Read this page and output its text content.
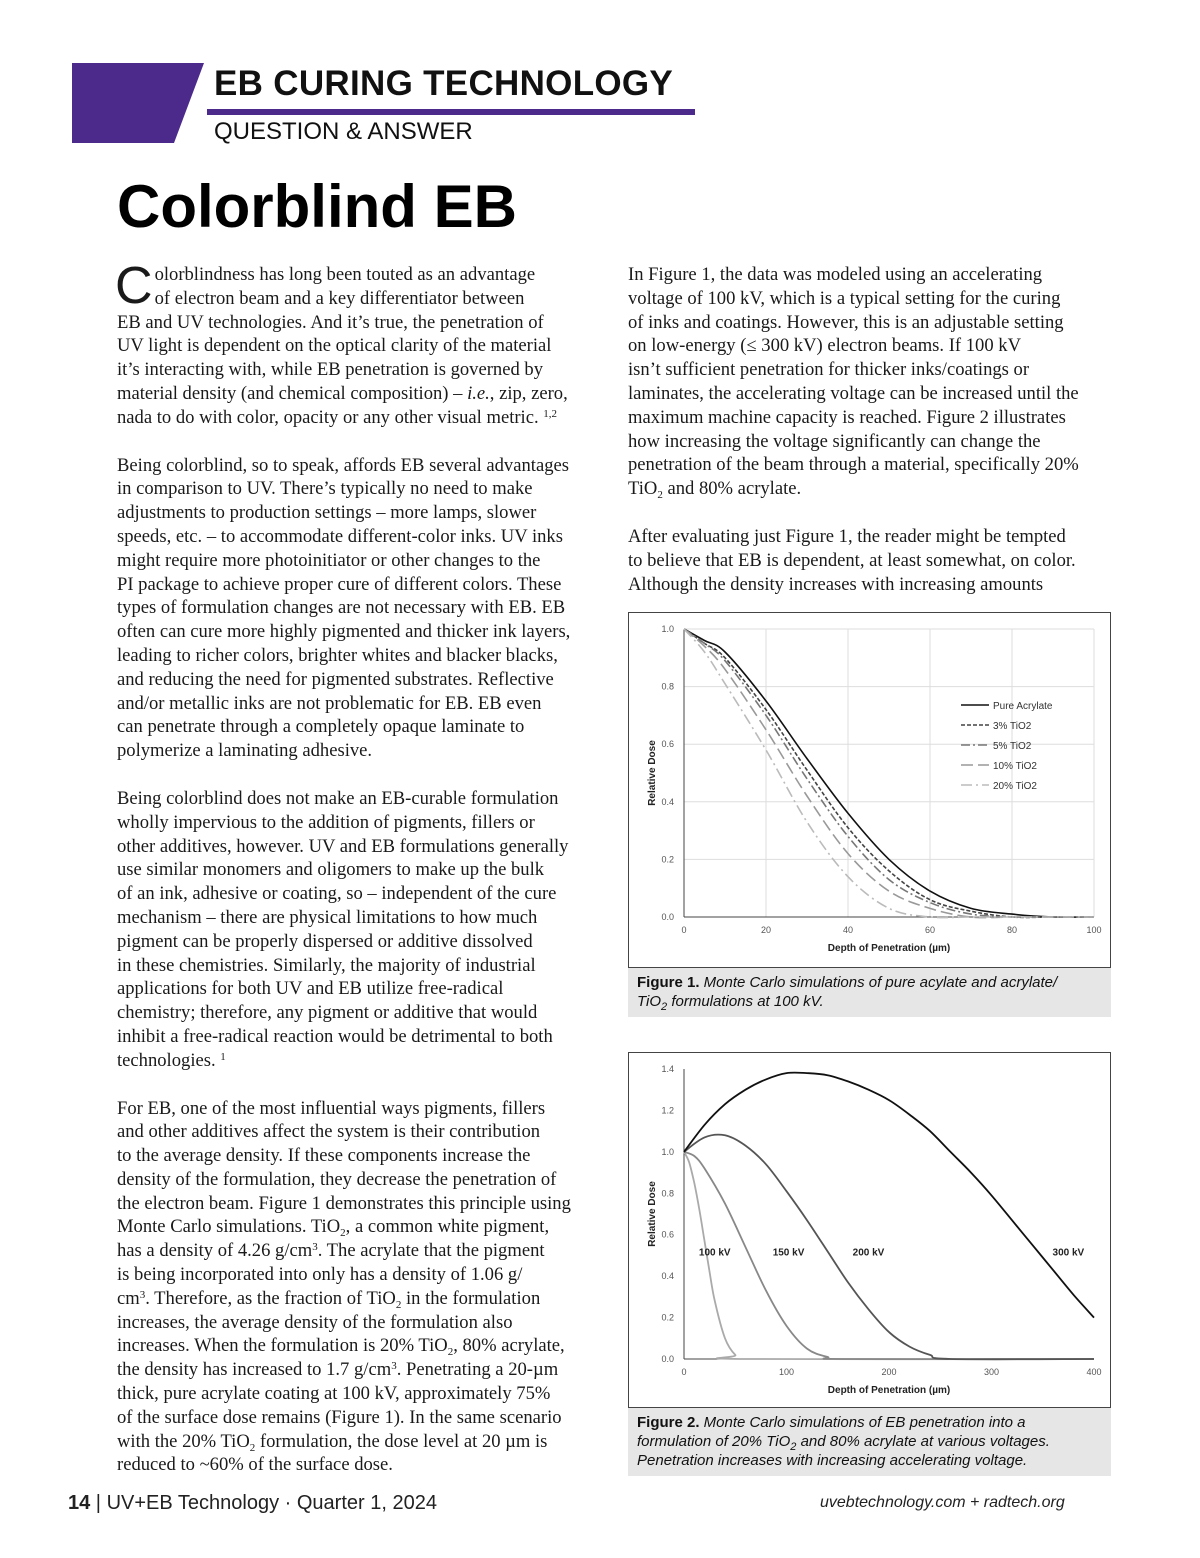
EB CURING TECHNOLOGY
QUESTION & ANSWER
Colorblind EB

C olorblindness has long been touted as an advantage
of electron beam and a key differentiator between
EB and UV technologies. And it’s true, the penetration of
UV light is dependent on the optical clarity of the material
it’s interacting with, while EB penetration is governed by
material density (and chemical composition) – i.e., zip, zero,
nada to do with color, opacity or any other visual metric. $^{1,2}$

Being colorblind, so to speak, affords EB several advantages
in comparison to UV. There’s typically no need to make
adjustments to production settings – more lamps, slower
speeds, etc. – to accommodate different-color inks. UV inks
might require more photoinitiator or other changes to the
PI package to achieve proper cure of different colors. These
types of formulation changes are not necessary with EB. EB
often can cure more highly pigmented and thicker ink layers,
leading to richer colors, brighter whites and blacker blacks,
and reducing the need for pigmented substrates. Reflective
and/or metallic inks are not problematic for EB. EB even
can penetrate through a completely opaque laminate to
polymerize a laminating adhesive.

Being colorblind does not make an EB-curable formulation
wholly impervious to the addition of pigments, fillers or
other additives, however. UV and EB formulations generally
use similar monomers and oligomers to make up the bulk
of an ink, adhesive or coating, so – independent of the cure
mechanism – there are physical limitations to how much
pigment can be properly dispersed or additive dissolved
in these chemistries. Similarly, the majority of industrial
applications for both UV and EB utilize free-radical
chemistry; therefore, any pigment or additive that would
inhibit a free-radical reaction would be detrimental to both
technologies. $^1$

For EB, one of the most influential ways pigments, fillers
and other additives affect the system is their contribution
to the average density. If these components increase the
density of the formulation, they decrease the penetration of
the electron beam. Figure 1 demonstrates this principle using
Monte Carlo simulations. TiO$_2$, a common white pigment,
has a density of 4.26 $g/cm^3$. The acrylate that the pigment
is being incorporated into only has a density of 1.06 g/
$cm^3$. Therefore, as the fraction of TiO$_2$ in the formulation
increases, the average density of the formulation also
increases. When the formulation is 20% TiO$_2$, 80% acrylate,
the density has increased to 1.7 $g/cm^3$. Penetrating a 20-µm
thick, pure acrylate coating at 100 kV, approximately 75%
of the surface dose remains (Figure 1). In the same scenario
with the 20% TiO$_2$ formulation, the dose level at 20 µm is
reduced to ~60% of the surface dose.

In Figure 1, the data was modeled using an accelerating
voltage of 100 kV, which is a typical setting for the curing
of inks and coatings. However, this is an adjustable setting
on low-energy (≤ 300 kV) electron beams. If 100 kV
isn’t sufficient penetration for thicker inks/coatings or
laminates, the accelerating voltage can be increased until the
maximum machine capacity is reached. Figure 2 illustrates
how increasing the voltage significantly can change the
penetration of the beam through a material, specifically 20%
TiO$_2$ and 80% acrylate.

After evaluating just Figure 1, the reader might be tempted
to believe that EB is dependent, at least somewhat, on color.
Although the density increases with increasing amounts

0	20	40	60	80	100
0.0
0.2
0.4
0.6
0.8
1.0
Depth of Penetration (µm)
Relative Dose
Pure Acrylate
3% TiO2
5% TiO2
10% TiO2
20% TiO2
Figure 1. Monte Carlo simulations of pure acylate and acrylate/
TiO$_2$ formulations at 100 kV.
0	100	200	300	400
0.0
0.2
0.4
0.6
0.8
1.0
1.2
1.4
Depth of Penetration (µm)
Relative Dose
100 kV	150 kV	200 kV	300 kV
Figure 2. Monte Carlo simulations of EB penetration into a
formulation of 20% TiO$_2$ and 80% acrylate at various voltages.
Penetration increases with increasing accelerating voltage.
14 | UV+EB Technology · Quarter 1, 2024	uvebtechnology.com + radtech.org
